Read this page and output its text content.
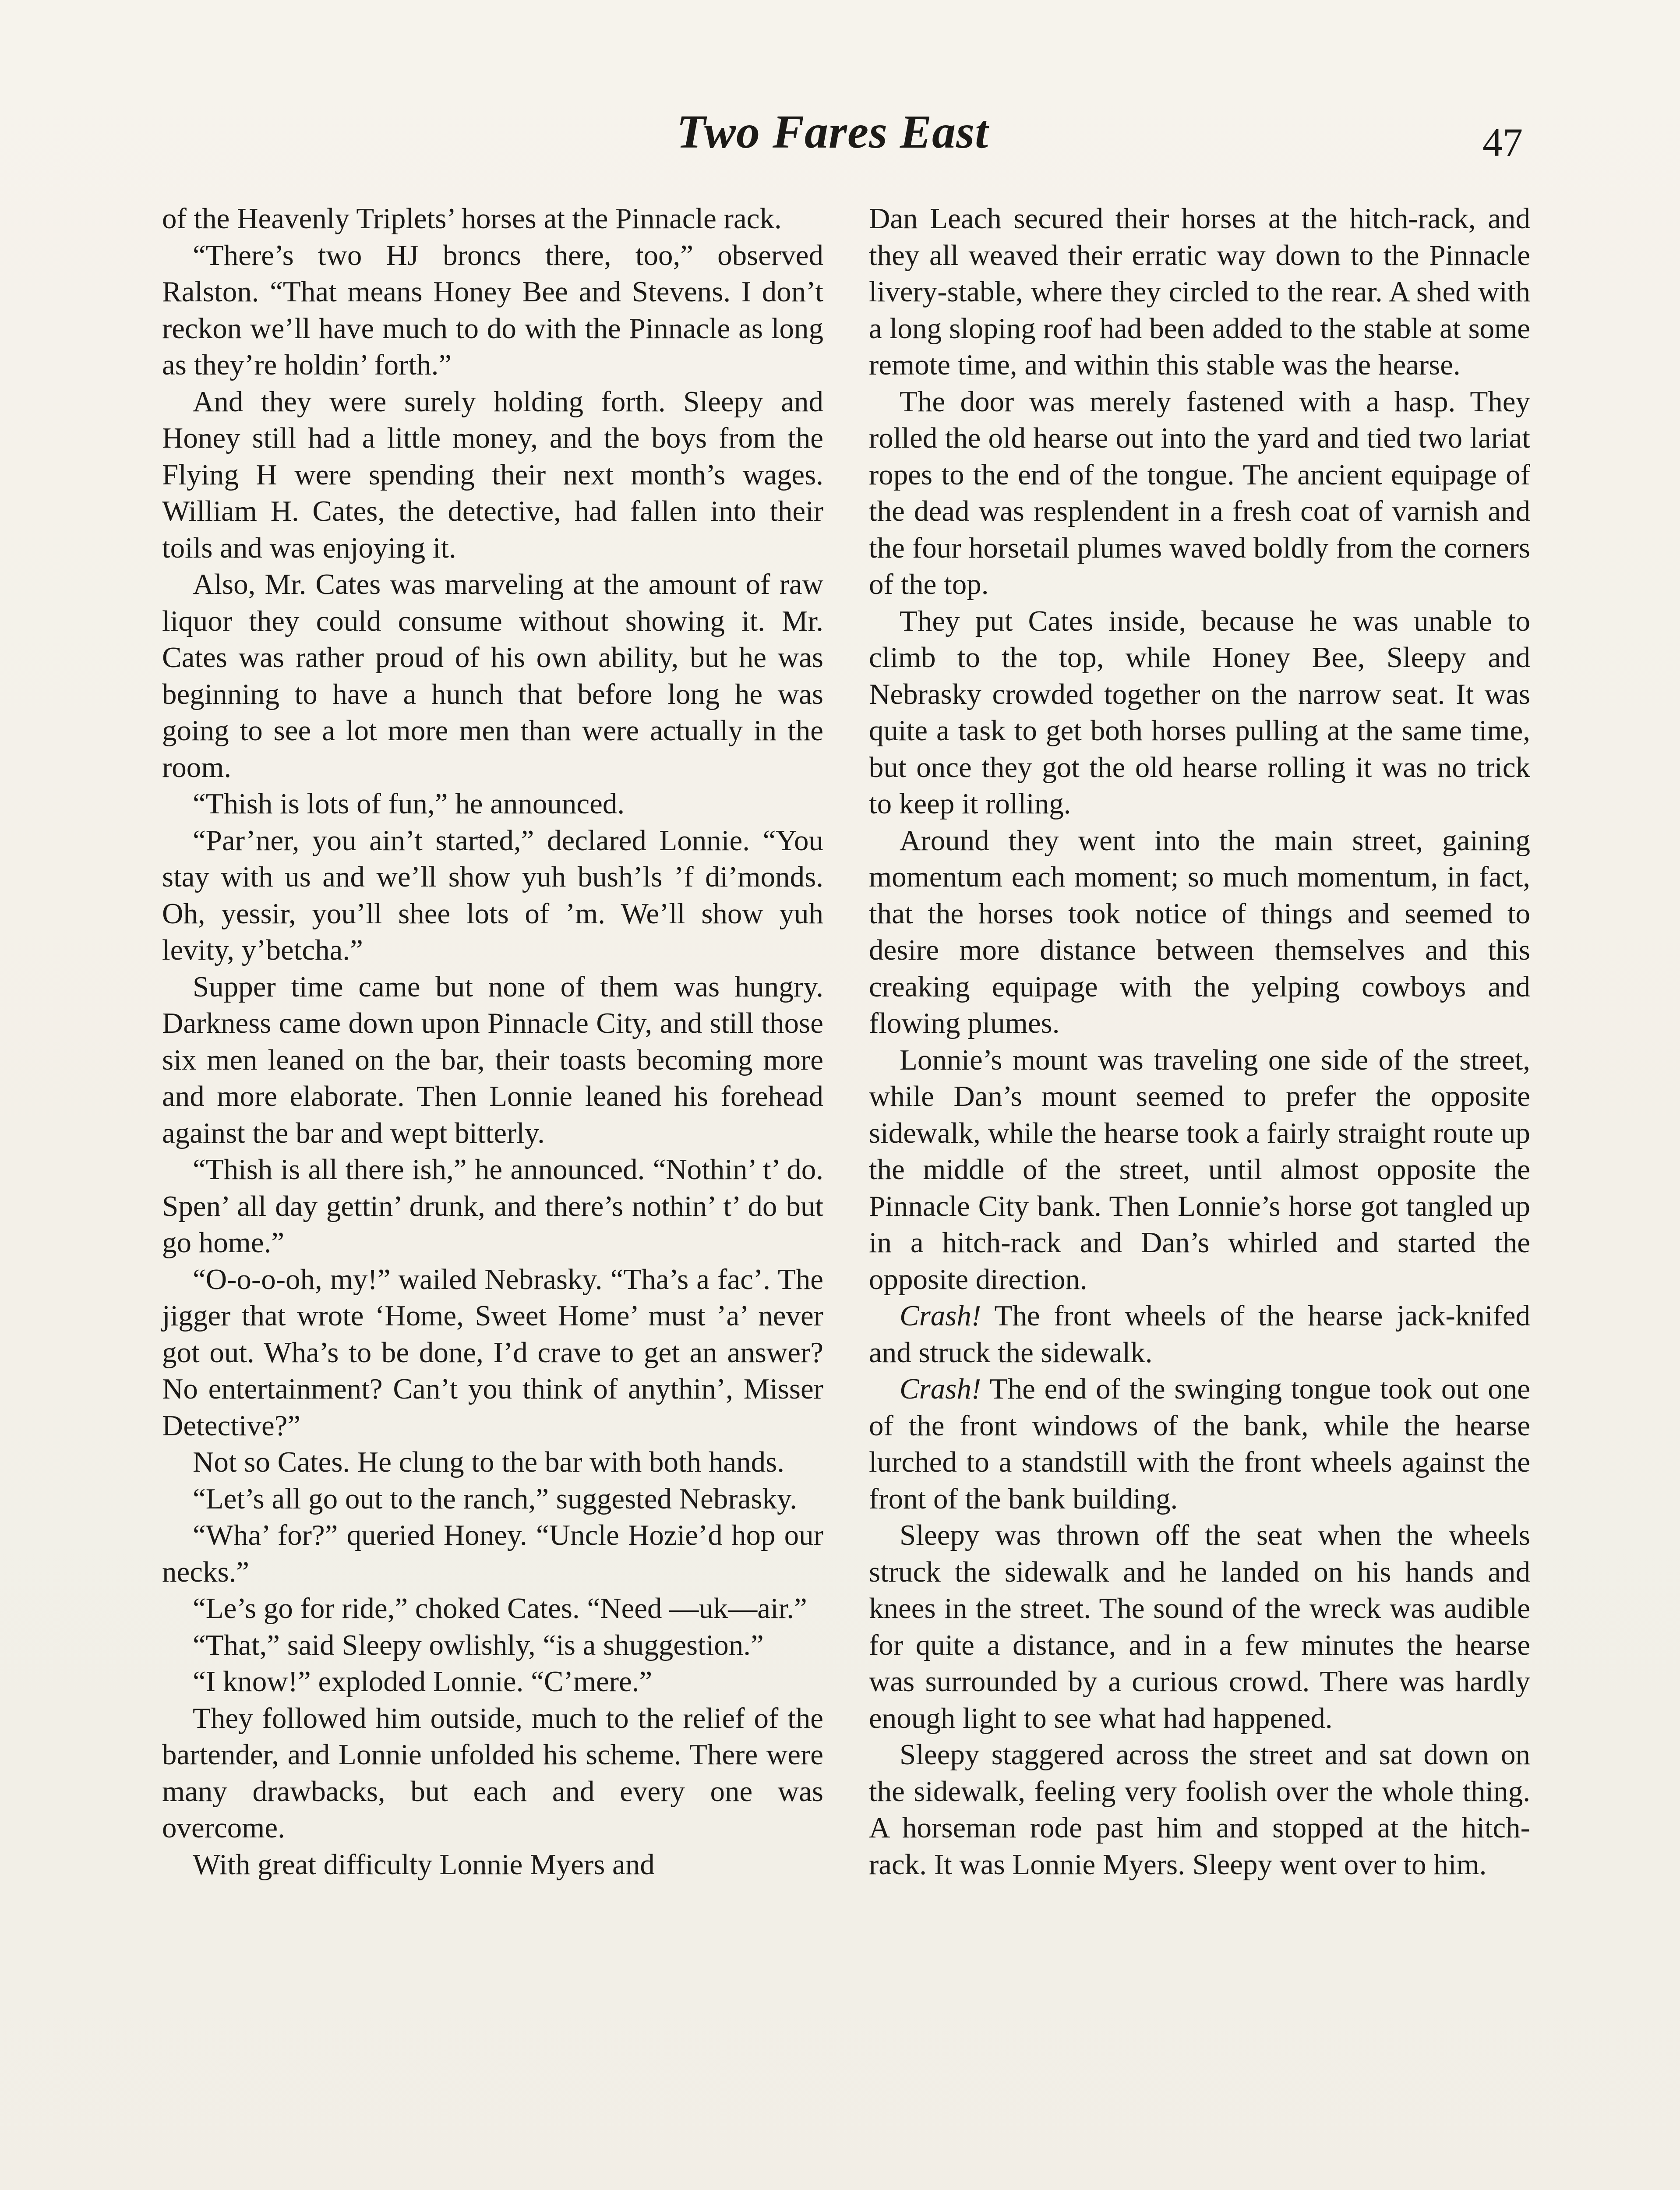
Two Fares East	47

of the Heavenly Triplets’ horses at the Pinnacle rack.

“There’s two HJ broncs there, too,” observed Ralston. “That means Honey Bee and Stevens. I don’t reckon we’ll have much to do with the Pinnacle as long as they’re holdin’ forth.”

And they were surely holding forth. Sleepy and Honey still had a little money, and the boys from the Flying H were spending their next month’s wages. William H. Cates, the detective, had fallen into their toils and was enjoying it.

Also, Mr. Cates was marveling at the amount of raw liquor they could consume without showing it. Mr. Cates was rather proud of his own ability, but he was beginning to have a hunch that before long he was going to see a lot more men than were actually in the room.

“Thish is lots of fun,” he announced.

“Par’ner, you ain’t started,” declared Lonnie. “You stay with us and we’ll show yuh bush’ls ’f di’monds. Oh, yessir, you’ll shee lots of ’m. We’ll show yuh levity, y’betcha.”

Supper time came but none of them was hungry. Darkness came down upon Pinnacle City, and still those six men leaned on the bar, their toasts becoming more and more elaborate. Then Lonnie leaned his forehead against the bar and wept bitterly.

“Thish is all there ish,” he announced. “Nothin’ t’ do. Spen’ all day gettin’ drunk, and there’s nothin’ t’ do but go home.”

“O-o-o-oh, my!” wailed Nebrasky. “Tha’s a fac’. The jigger that wrote ‘Home, Sweet Home’ must ’a’ never got out. Wha’s to be done, I’d crave to get an answer? No entertainment? Can’t you think of anythin’, Misser Detective?”

Not so Cates. He clung to the bar with both hands.

“Let’s all go out to the ranch,” suggested Nebrasky.

“Wha’ for?” queried Honey. “Uncle Hozie’d hop our necks.”

“Le’s go for ride,” choked Cates. “Need —uk—air.”

“That,” said Sleepy owlishly, “is a shuggestion.”

“I know!” exploded Lonnie. “C’mere.”

They followed him outside, much to the relief of the bartender, and Lonnie unfolded his scheme. There were many drawbacks, but each and every one was overcome.

With great difficulty Lonnie Myers and

Dan Leach secured their horses at the hitch-rack, and they all weaved their erratic way down to the Pinnacle livery-stable, where they circled to the rear. A shed with a long sloping roof had been added to the stable at some remote time, and within this stable was the hearse.

The door was merely fastened with a hasp. They rolled the old hearse out into the yard and tied two lariat ropes to the end of the tongue. The ancient equipage of the dead was resplendent in a fresh coat of varnish and the four horsetail plumes waved boldly from the corners of the top.

They put Cates inside, because he was unable to climb to the top, while Honey Bee, Sleepy and Nebrasky crowded together on the narrow seat. It was quite a task to get both horses pulling at the same time, but once they got the old hearse rolling it was no trick to keep it rolling.

Around they went into the main street, gaining momentum each moment; so much momentum, in fact, that the horses took notice of things and seemed to desire more distance between themselves and this creaking equipage with the yelping cowboys and flowing plumes.

Lonnie’s mount was traveling one side of the street, while Dan’s mount seemed to prefer the opposite sidewalk, while the hearse took a fairly straight route up the middle of the street, until almost opposite the Pinnacle City bank. Then Lonnie’s horse got tangled up in a hitch-rack and Dan’s whirled and started the opposite direction.

Crash! The front wheels of the hearse jack-knifed and struck the sidewalk.

Crash! The end of the swinging tongue took out one of the front windows of the bank, while the hearse lurched to a standstill with the front wheels against the front of the bank building.

Sleepy was thrown off the seat when the wheels struck the sidewalk and he landed on his hands and knees in the street. The sound of the wreck was audible for quite a distance, and in a few minutes the hearse was surrounded by a curious crowd. There was hardly enough light to see what had happened.

Sleepy staggered across the street and sat down on the sidewalk, feeling very foolish over the whole thing. A horseman rode past him and stopped at the hitch-rack. It was Lonnie Myers. Sleepy went over to him.
